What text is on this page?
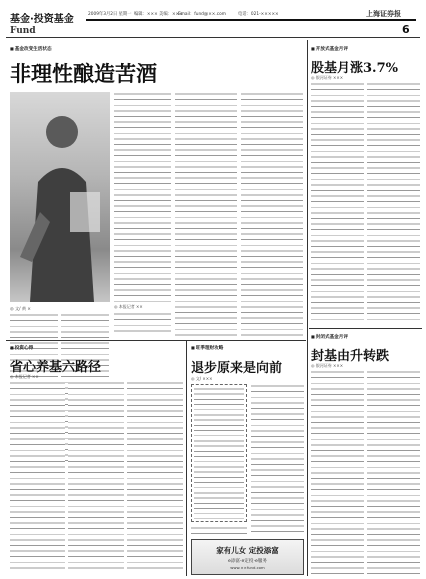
基金·投资基金
Fund
2009年3月2日 星期一 编辑：××× 美编：×××
Email：fund@××.com	电话：021-×××××	上海证券报
6
■ 基金改变生活状态
非理性酿造苦酒
◎ 文/ 黄 ×	◎ 本报记者 ××
■ 投资心得
省心养基六路径
◎ 本报记者 ××
■ 旺季理财攻略
退步原来是向前
◎ 文/ ×××
家有儿女 定投添富
e添富·e定投·e服务
www.××fund.com
■ 开放式基金月评
股基月涨3.7%
◎ 银河证券 ×××
■ 封闭式基金月评
封基由升转跌
◎ 银河证券 ×××
